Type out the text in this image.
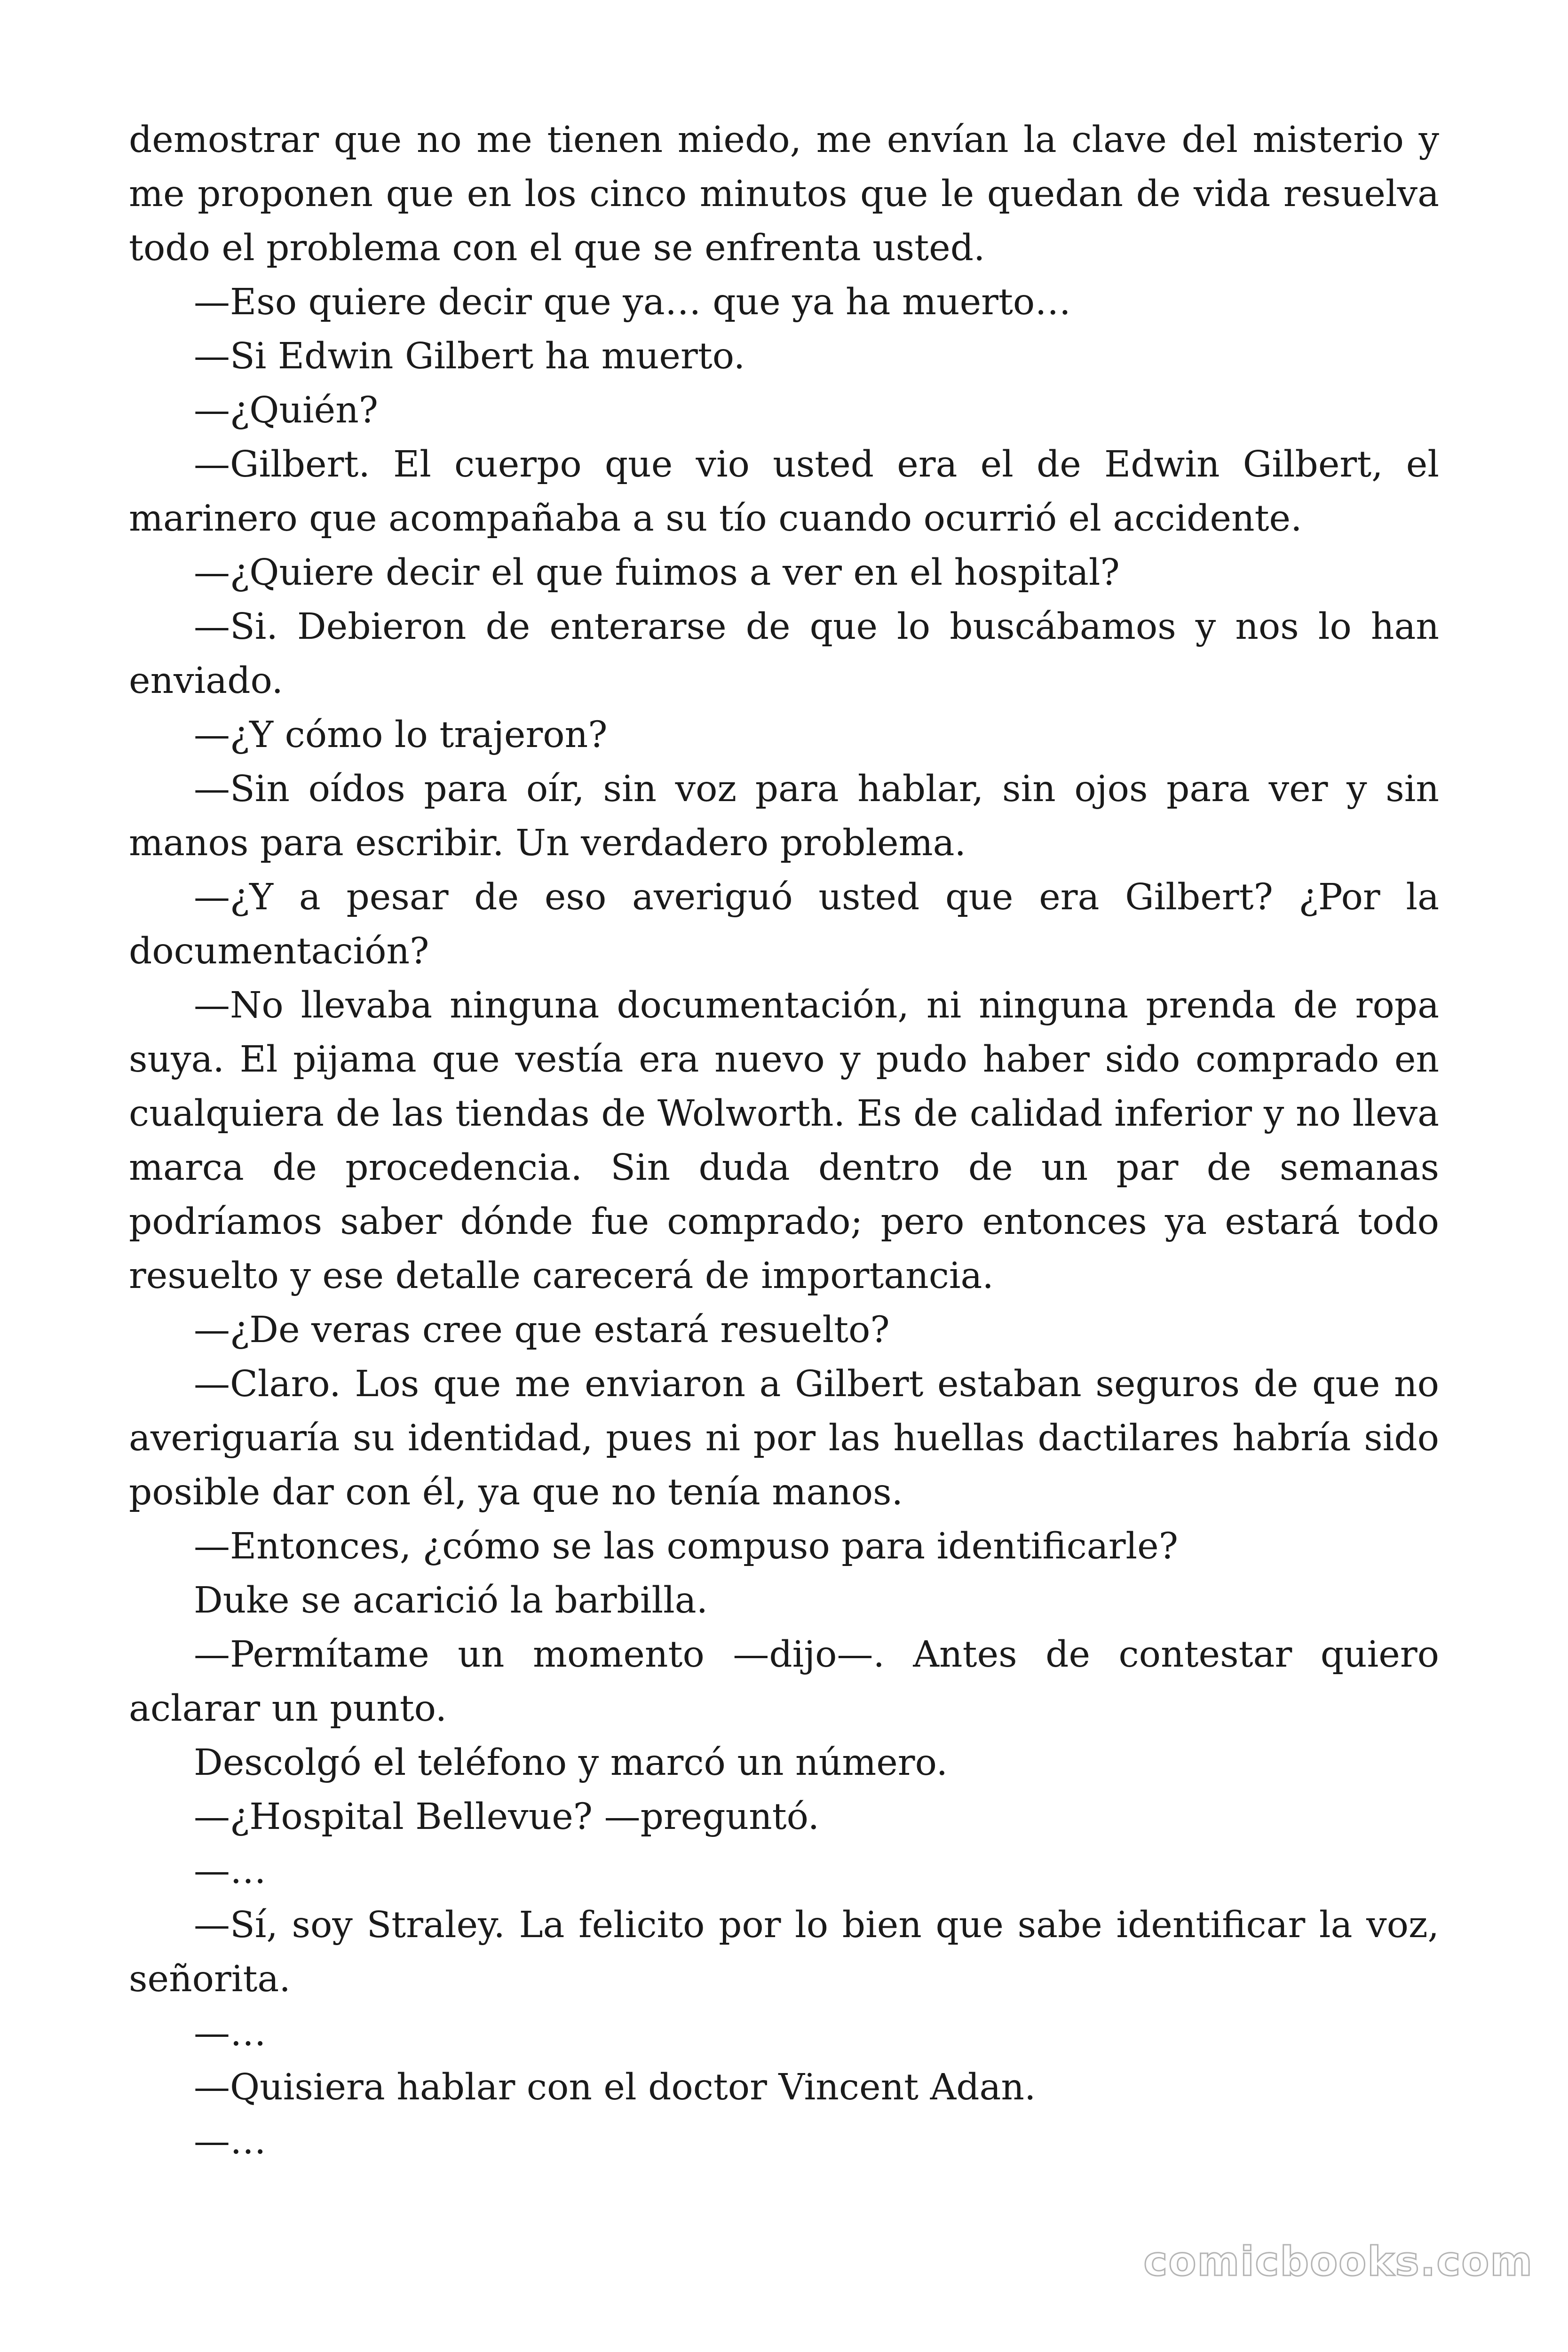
demostrar que no me tienen miedo, me envían la clave del misterio y me proponen que en los cinco minutos que le quedan de vida resuelva todo el problema con el que se enfrenta usted.

—Eso quiere decir que ya… que ya ha muerto…

—Si Edwin Gilbert ha muerto.

—¿Quién?

—Gilbert. El cuerpo que vio usted era el de Edwin Gilbert, el marinero que acompañaba a su tío cuando ocurrió el accidente.

—¿Quiere decir el que fuimos a ver en el hospital?

—Si. Debieron de enterarse de que lo buscábamos y nos lo han enviado.

—¿Y cómo lo trajeron?

—Sin oídos para oír, sin voz para hablar, sin ojos para ver y sin manos para escribir. Un verdadero problema.

—¿Y a pesar de eso averiguó usted que era Gilbert? ¿Por la documentación?

—No llevaba ninguna documentación, ni ninguna prenda de ropa suya. El pijama que vestía era nuevo y pudo haber sido comprado en cualquiera de las tiendas de Wolworth. Es de calidad inferior y no lleva marca de procedencia. Sin duda dentro de un par de semanas podríamos saber dónde fue comprado; pero entonces ya estará todo resuelto y ese detalle carecerá de importancia.

—¿De veras cree que estará resuelto?

—Claro. Los que me enviaron a Gilbert estaban seguros de que no averiguaría su identidad, pues ni por las huellas dactilares habría sido posible dar con él, ya que no tenía manos.

—Entonces, ¿cómo se las compuso para identificarle?

Duke se acarició la barbilla.

—Permítame un momento —dijo—. Antes de contestar quiero aclarar un punto.

Descolgó el teléfono y marcó un número.

—¿Hospital Bellevue? —preguntó.

—…

—Sí, soy Straley. La felicito por lo bien que sabe identificar la voz, señorita.

—…

—Quisiera hablar con el doctor Vincent Adan.

—…

comicbooks.com
